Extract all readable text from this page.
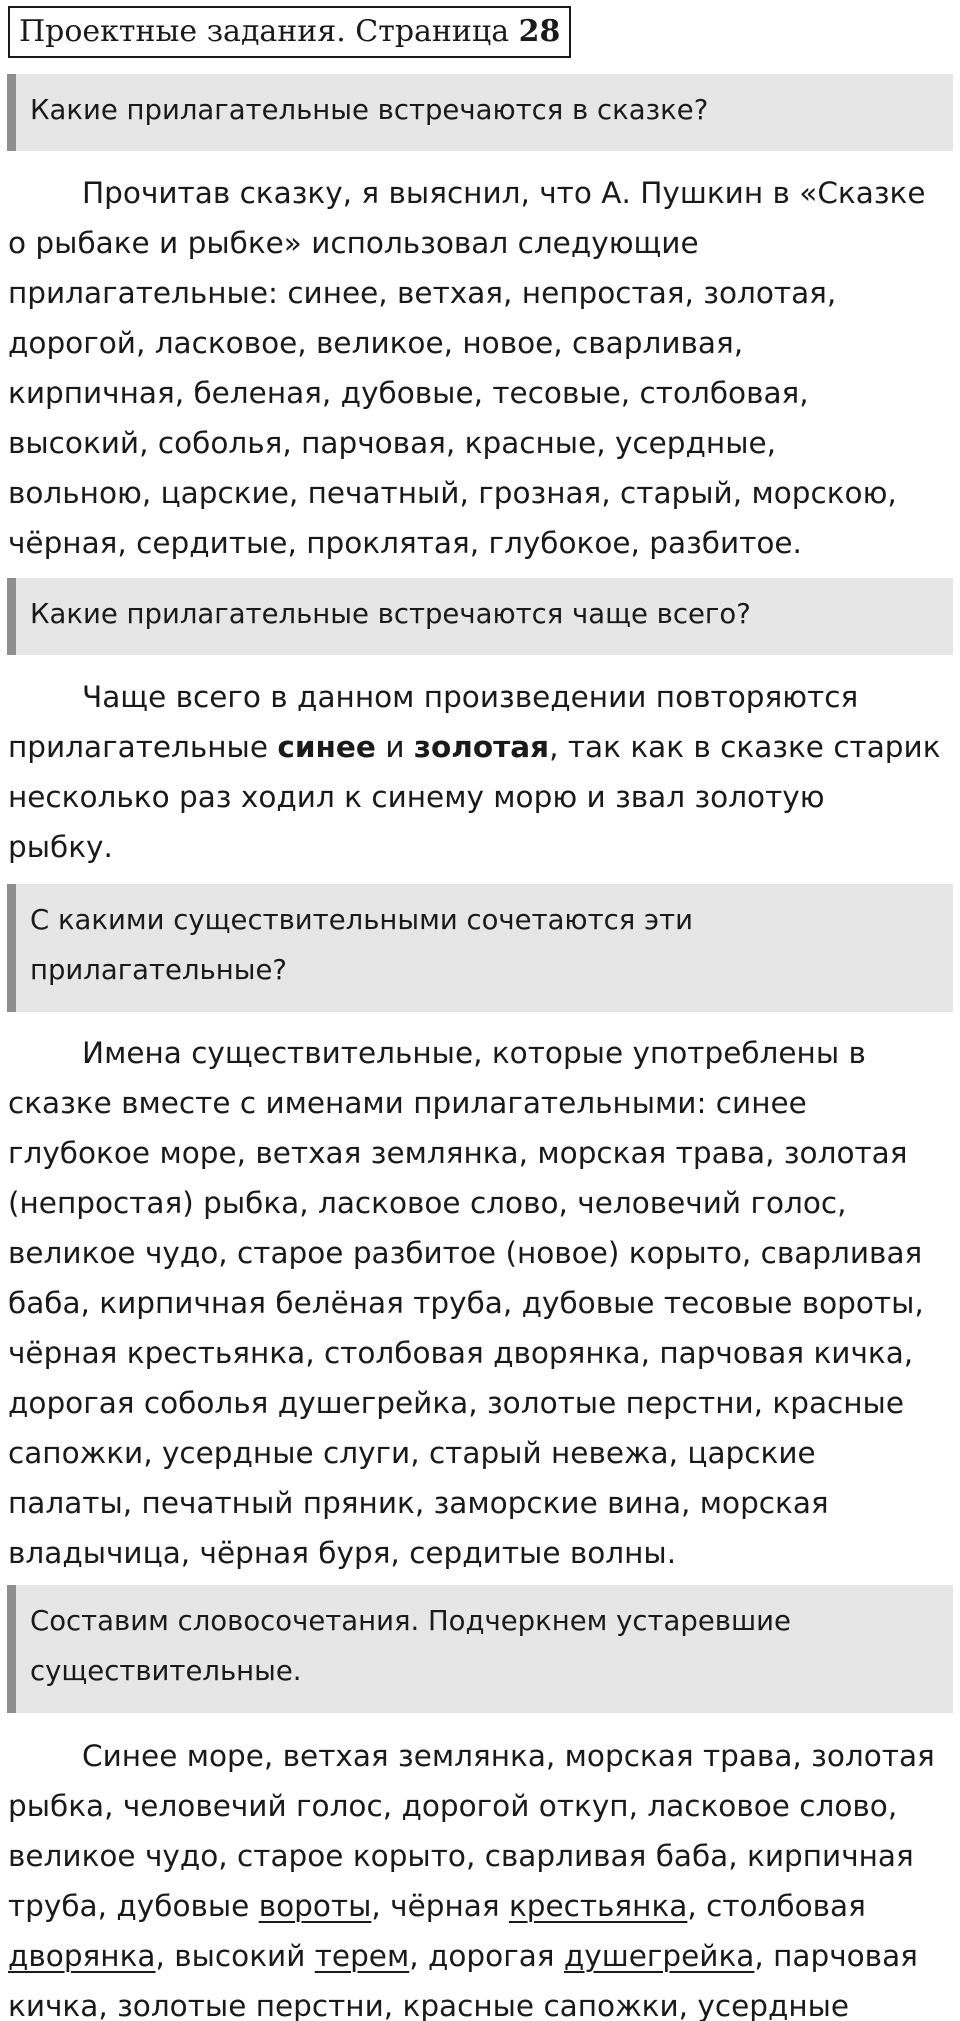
Проектные задания. Страница 28
Какие прилагательные встречаются в сказке?
Прочитав сказку, я выяснил, что А. Пушкин в «Сказке
о рыбаке и рыбке» использовал следующие
прилагательные: синее, ветхая, непростая, золотая,
дорогой, ласковое, великое, новое, сварливая,
кирпичная, беленая, дубовые, тесовые, столбовая,
высокий, соболья, парчовая, красные, усердные,
вольною, царские, печатный, грозная, старый, морскою,
чёрная, сердитые, проклятая, глубокое, разбитое.
Какие прилагательные встречаются чаще всего?
Чаще всего в данном произведении повторяются
прилагательные синее и золотая, так как в сказке старик
несколько раз ходил к синему морю и звал золотую
рыбку.
С какими существительными сочетаются эти
прилагательные?
Имена существительные, которые употреблены в
сказке вместе с именами прилагательными: синее
глубокое море, ветхая землянка, морская трава, золотая
(непростая) рыбка, ласковое слово, человечий голос,
великое чудо, старое разбитое (новое) корыто, сварливая
баба, кирпичная белёная труба, дубовые тесовые вороты,
чёрная крестьянка, столбовая дворянка, парчовая кичка,
дорогая соболья душегрейка, золотые перстни, красные
сапожки, усердные слуги, старый невежа, царские
палаты, печатный пряник, заморские вина, морская
владычица, чёрная буря, сердитые волны.
Составим словосочетания. Подчеркнем устаревшие
существительные.
Синее море, ветхая землянка, морская трава, золотая
рыбка, человечий голос, дорогой откуп, ласковое слово,
великое чудо, старое корыто, сварливая баба, кирпичная
труба, дубовые вороты, чёрная крестьянка, столбовая
дворянка, высокий терем, дорогая душегрейка, парчовая
кичка, золотые перстни, красные сапожки, усердные
